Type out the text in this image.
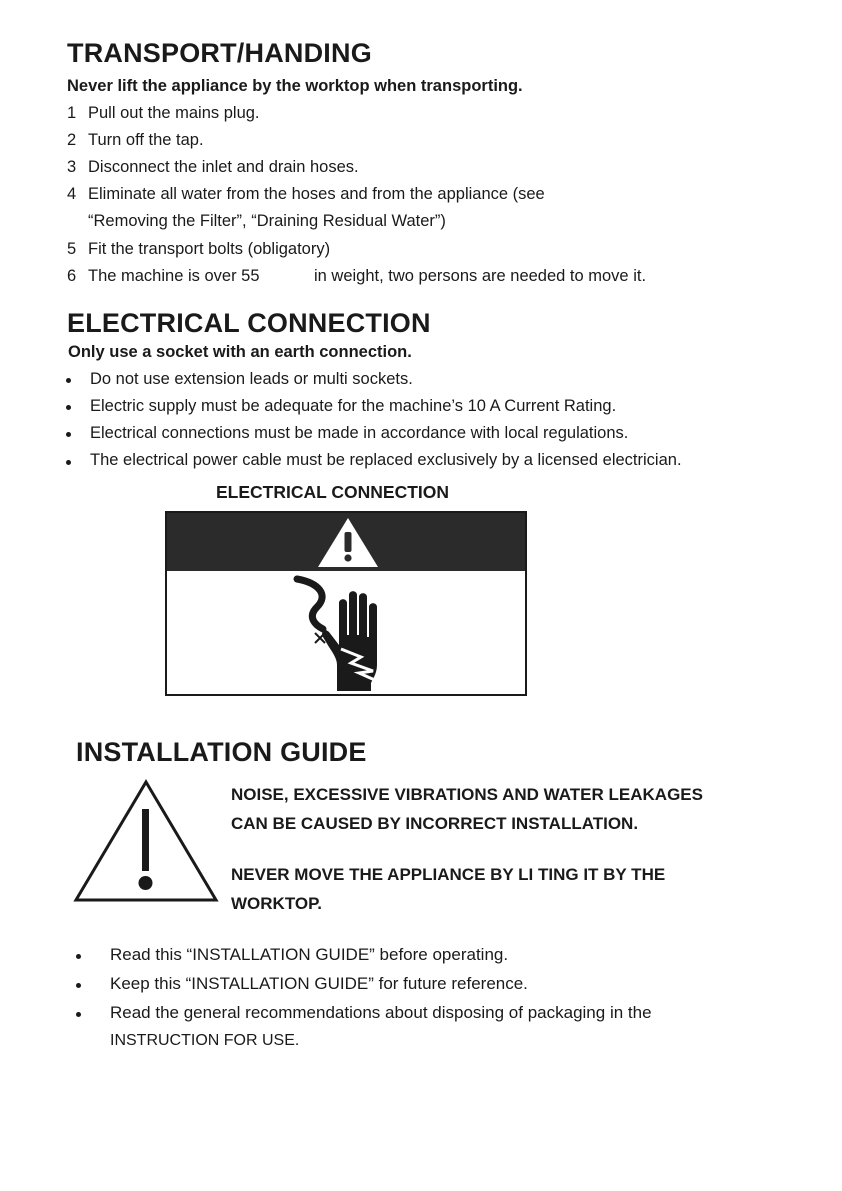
TRANSPORT/HANDING
Never lift the appliance by the worktop when transporting.
1 Pull out the mains plug.
2 Turn off the tap.
3 Disconnect the inlet and drain hoses.
4 Eliminate all water from the hoses and from the appliance (see
“Removing the Filter”, “Draining Residual Water”)
5 Fit the transport bolts (obligatory)
6 The machine is over 55	in weight, two persons are needed to move it.
ELECTRICAL CONNECTION
Only use a socket with an earth connection.
Do not use extension leads or multi sockets.
Electric supply must be adequate for the machine’s 10 A Current Rating.
Electrical connections must be made in accordance with local regulations.
The electrical power cable must be replaced exclusively by a licensed electrician.
ELECTRICAL CONNECTION
INSTALLATION GUIDE
NOISE, EXCESSIVE VIBRATIONS AND WATER LEAKAGES
CAN BE CAUSED BY INCORRECT INSTALLATION.
NEVER MOVE THE APPLIANCE BY LI TING IT BY THE
WORKTOP.
Read this “INSTALLATION GUIDE” before operating.
Keep this “INSTALLATION GUIDE” for future reference.
Read the general recommendations about disposing of packaging in the
INSTRUCTION FOR USE.
